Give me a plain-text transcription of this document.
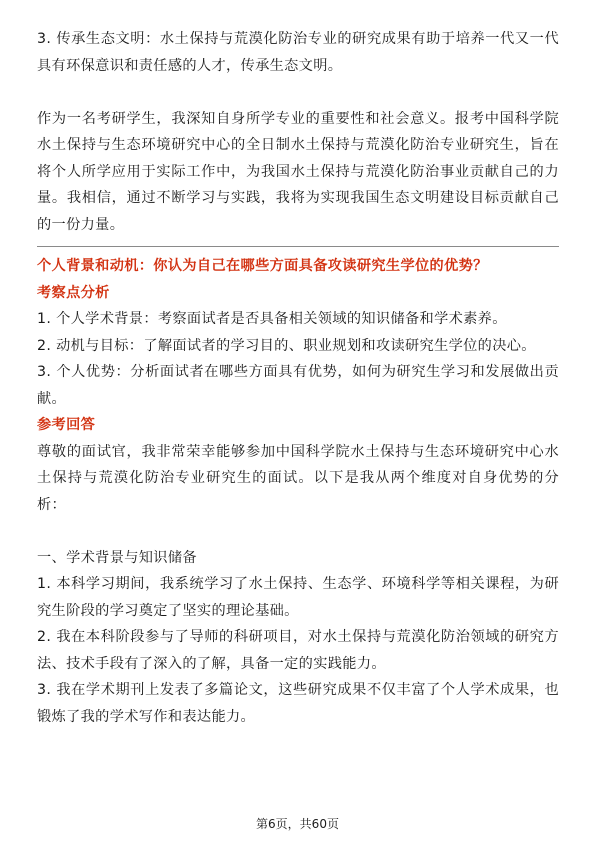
3. 传承生态文明：水土保持与荒漠化防治专业的研究成果有助于培养一代又一代具有环保意识和责任感的人才，传承生态文明。

作为一名考研学生，我深知自身所学专业的重要性和社会意义。报考中国科学院水土保持与生态环境研究中心的全日制水土保持与荒漠化防治专业研究生，旨在将个人所学应用于实际工作中，为我国水土保持与荒漠化防治事业贡献自己的力量。我相信，通过不断学习与实践，我将为实现我国生态文明建设目标贡献自己的一份力量。

个人背景和动机：你认为自己在哪些方面具备攻读研究生学位的优势？

考察点分析

1. 个人学术背景：考察面试者是否具备相关领域的知识储备和学术素养。

2. 动机与目标：了解面试者的学习目的、职业规划和攻读研究生学位的决心。

3. 个人优势：分析面试者在哪些方面具有优势，如何为研究生学习和发展做出贡献。

参考回答

尊敬的面试官，我非常荣幸能够参加中国科学院水土保持与生态环境研究中心水土保持与荒漠化防治专业研究生的面试。以下是我从两个维度对自身优势的分析：

一、学术背景与知识储备

1. 本科学习期间，我系统学习了水土保持、生态学、环境科学等相关课程，为研究生阶段的学习奠定了坚实的理论基础。

2. 我在本科阶段参与了导师的科研项目，对水土保持与荒漠化防治领域的研究方法、技术手段有了深入的了解，具备一定的实践能力。

3. 我在学术期刊上发表了多篇论文，这些研究成果不仅丰富了个人学术成果，也锻炼了我的学术写作和表达能力。

第6页，共60页
